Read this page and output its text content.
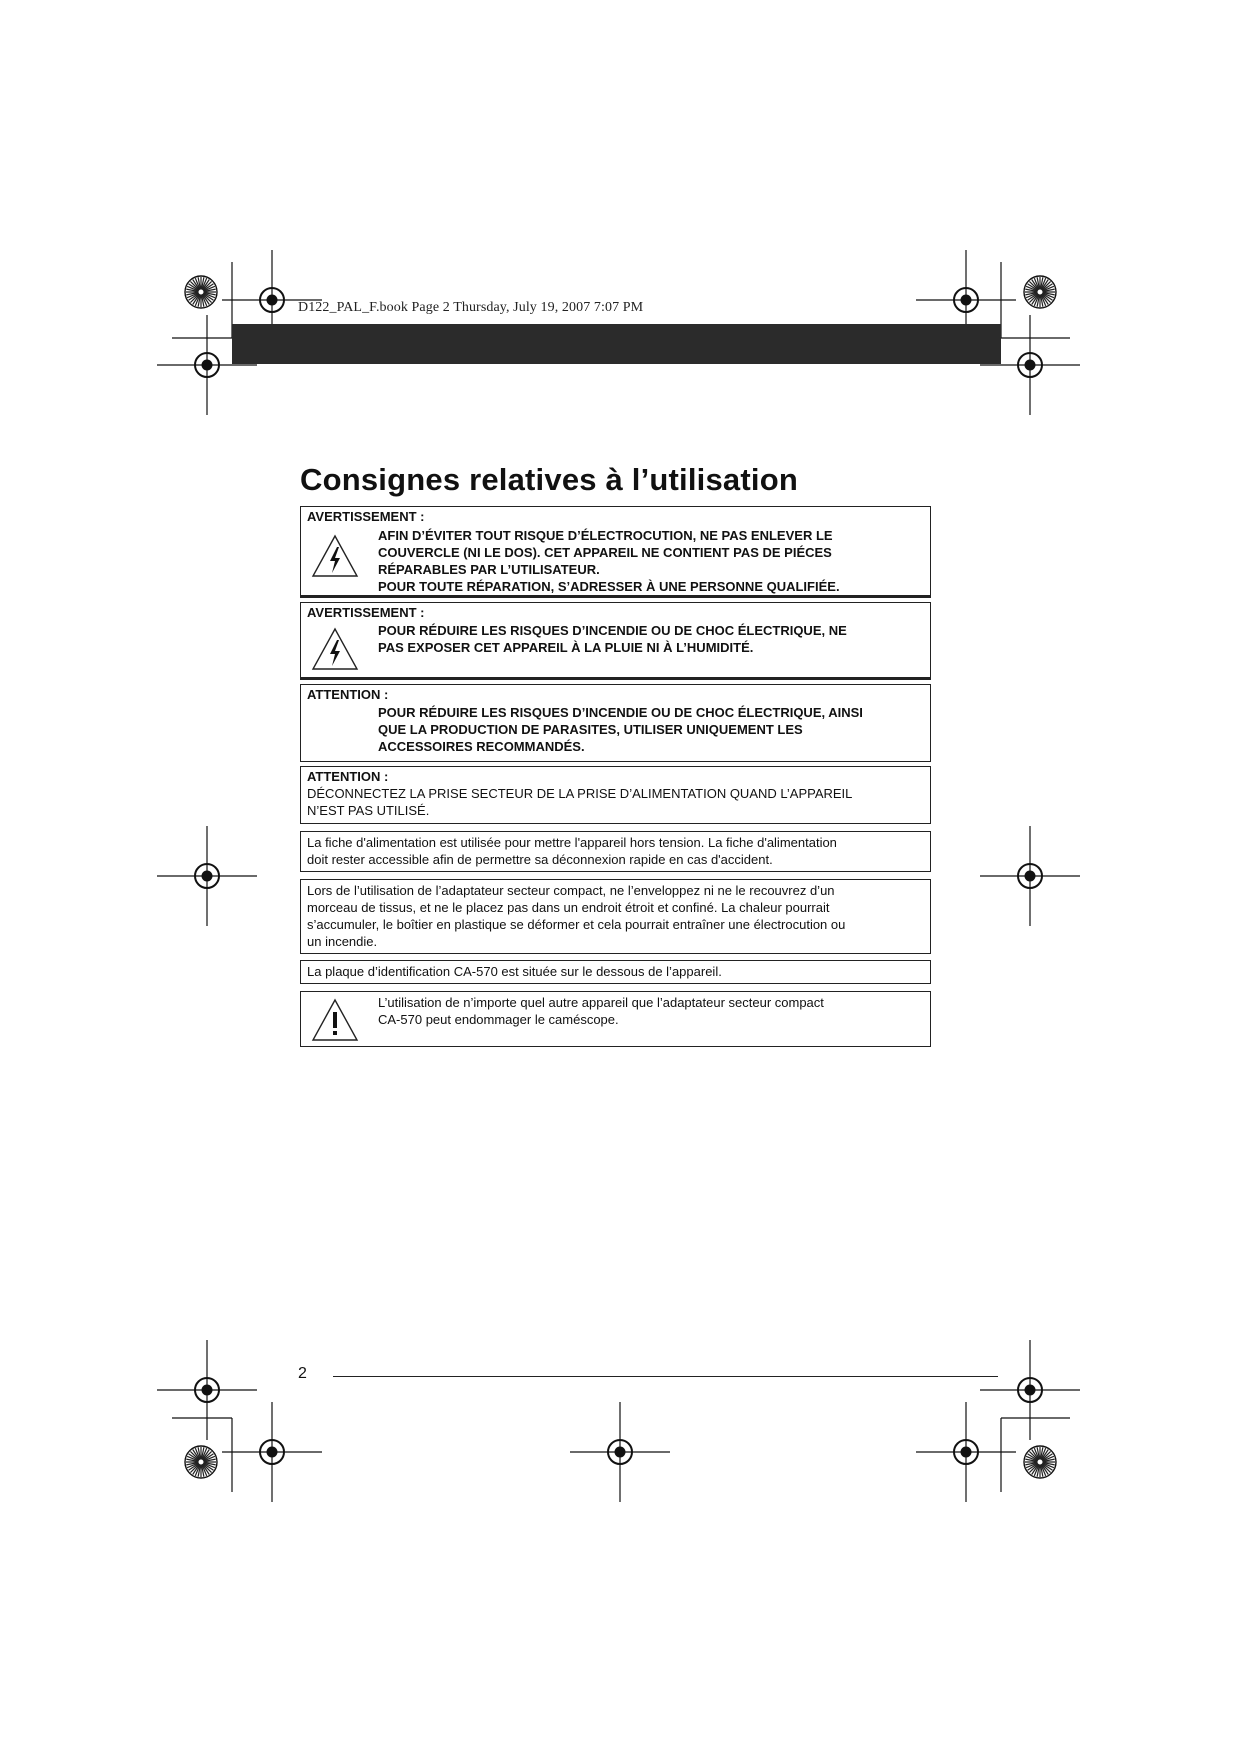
D122_PAL_F.book Page 2 Thursday, July 19, 2007 7:07 PM
Consignes relatives à l’utilisation
AVERTISSEMENT :
AFIN D’ÉVITER TOUT RISQUE D’ÉLECTROCUTION, NE PAS ENLEVER LE
COUVERCLE (NI LE DOS). CET APPAREIL NE CONTIENT PAS DE PIÉCES
RÉPARABLES PAR L’UTILISATEUR.
POUR TOUTE RÉPARATION, S’ADRESSER À UNE PERSONNE QUALIFIÉE.
AVERTISSEMENT :
POUR RÉDUIRE LES RISQUES D’INCENDIE OU DE CHOC ÉLECTRIQUE, NE
PAS EXPOSER CET APPAREIL À LA PLUIE NI À L’HUMIDITÉ.
ATTENTION :
POUR RÉDUIRE LES RISQUES D’INCENDIE OU DE CHOC ÉLECTRIQUE, AINSI
QUE LA PRODUCTION DE PARASITES, UTILISER UNIQUEMENT LES
ACCESSOIRES RECOMMANDÉS.
ATTENTION :
DÉCONNECTEZ LA PRISE SECTEUR DE LA PRISE D’ALIMENTATION QUAND L’APPAREIL
N’EST PAS UTILISÉ.
La fiche d'alimentation est utilisée pour mettre l'appareil hors tension. La fiche d'alimentation
doit rester accessible afin de permettre sa déconnexion rapide en cas d'accident.
Lors de l’utilisation de l’adaptateur secteur compact, ne l’enveloppez ni ne le recouvrez d’un
morceau de tissus, et ne le placez pas dans un endroit étroit et confiné. La chaleur pourrait
s’accumuler, le boîtier en plastique se déformer et cela pourrait entraîner une électrocution ou
un incendie.
La plaque d’identification CA-570 est située sur le dessous de l’appareil.
L’utilisation de n’importe quel autre appareil que l’adaptateur secteur compact
CA-570 peut endommager le caméscope.
2
